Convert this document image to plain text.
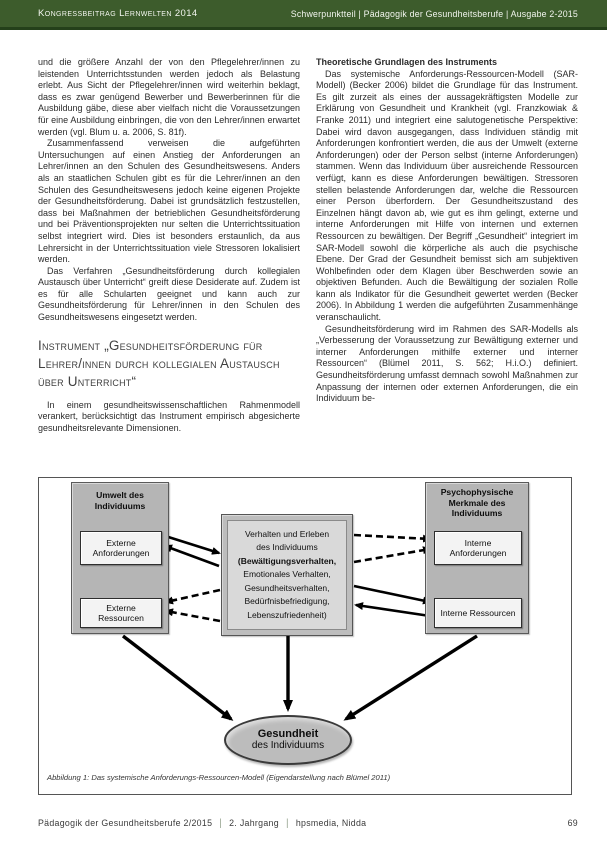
Kongressbeitrag Lernwelten 2014	Schwerpunktteil | Pädagogik der Gesundheitsberufe | Ausgabe 2-2015

und die größere Anzahl der von den Pflegelehrer/innen zu leistenden Unterrichtsstunden werden jedoch als Belastung erlebt. Aus Sicht der Pflegelehrer/innen wird weiterhin beklagt, dass es zwar genügend Bewerber und Bewerberinnen für die Ausbildung gäbe, diese aber vielfach nicht die Voraussetzungen für eine Ausbildung einbringen, die von den Lehrer/innen erwartet werden (vgl. Blum u. a. 2006, S. 81f).

Zusammenfassend verweisen die aufgeführten Untersuchungen auf einen Anstieg der Anforderungen an Lehrer/innen an den Schulen des Gesundheitswesens. Anders als an staatlichen Schulen gibt es für die Lehrer/innen an den Schulen des Gesundheitswesens jedoch keine eigenen Projekte der Gesundheitsförderung. Dabei ist grundsätzlich festzustellen, dass bei Maßnahmen der betrieblichen Gesundheitsförderung und bei Präventionsprojekten nur selten die Unterrichtssituation selbst integriert wird. Dies ist besonders erstaunlich, da aus Lehrersicht in der Unterrichtssituation viele Stressoren lokalisiert werden.

Das Verfahren „Gesundheitsförderung durch kollegialen Austausch über Unterricht“ greift diese Desiderate auf. Zudem ist es für alle Schularten geeignet und kann auch zur Gesundheitsförderung für Lehrer/innen in den Schulen des Gesundheitswesens eingesetzt werden.

Instrument „Gesundheitsförderung für Lehrer/innen durch kollegialen Austausch über Unterricht“

In einem gesundheitswissenschaftlichen Rahmenmodell verankert, berücksichtigt das Instrument empirisch abgesicherte gesundheitsrelevante Dimensionen.

Theoretische Grundlagen des Instruments

Das systemische Anforderungs-Ressourcen-Modell (SAR-Modell) (Becker 2006) bildet die Grundlage für das Instrument. Es gilt zurzeit als eines der aussagekräftigsten Modelle zur Erklärung von Gesundheit und Krankheit (vgl. Franzkowiak & Franke 2011) und integriert eine salutogenetische Perspektive: Dabei wird davon ausgegangen, dass Individuen ständig mit Anforderungen konfrontiert werden, die aus der Umwelt (externe Anforderungen) oder der Person selbst (interne Anforderungen) stammen. Wenn das Individuum über ausreichende Ressourcen verfügt, kann es diese Anforderungen bewältigen. Stressoren stellen belastende Anforderungen dar, welche die Ressourcen einer Person überfordern. Der Gesundheitszustand des Einzelnen hängt davon ab, wie gut es ihm gelingt, externe und interne Anforderungen mit Hilfe von internen und externen Ressourcen zu bewältigen. Der Begriff „Gesundheit“ integriert im SAR-Modell sowohl die körperliche als auch die psychische Ebene. Der Grad der Gesundheit bemisst sich am subjektiven Wohlbefinden oder dem Klagen über Beschwerden sowie an objektiven Befunden. Auch die Bewältigung der sozialen Rolle kann als Indikator für die Gesundheit gewertet werden (Becker 2006). In Abbildung 1 werden die aufgeführten Zusammenhänge veranschaulicht.

Gesundheitsförderung wird im Rahmen des SAR-Modells als „Verbesserung der Voraussetzung zur Bewältigung externer und interner Anforderungen mithilfe externer und interner Ressourcen“ (Blümel 2011, S. 562; H.i.O.) definiert. Gesundheitsförderung umfasst demnach sowohl Maßnahmen zur Anpassung der internen oder externen Anforderungen, die ein Individuum be-

Umwelt des Individuums
Externe Anforderungen
Externe Ressourcen
Psychophysische Merkmale des Individuums
Interne Anforderungen
Interne Ressourcen
Verhalten und Erleben
des Individuums
(Bewältigungsverhalten,
Emotionales Verhalten,
Gesundheitsverhalten,
Bedürfnisbefriedigung,
Lebenszufriedenheit)
Gesundheit
des Individuums
Abbildung 1: Das systemische Anforderungs-Ressourcen-Modell (Eigendarstellung nach Blümel 2011)
Pädagogik der Gesundheitsberufe 2/2015 | 2. Jahrgang | hpsmedia, Nidda	69
